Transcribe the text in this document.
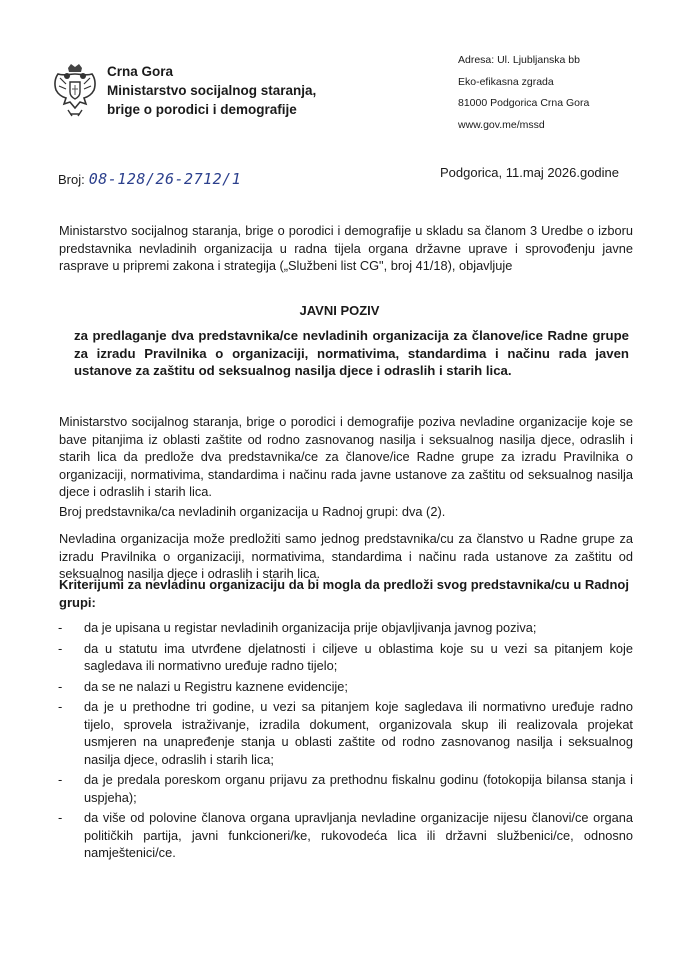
Crna Gora
Ministarstvo socijalnog staranja,
brige o porodici i demografije
Adresa: Ul. Ljubljanska bb
Eko-efikasna zgrada
81000 Podgorica Crna Gora
www.gov.me/mssd
Broj: 08-128/26-2712/1	Podgorica, 11.maj 2026.godine
Ministarstvo socijalnog staranja, brige o porodici i demografije u skladu sa članom 3 Uredbe o izboru predstavnika nevladinih organizacija u radna tijela organa državne uprave i sprovođenju javne rasprave u pripremi zakona i strategija („Službeni list CG", broj 41/18), objavljuje
JAVNI POZIV
za predlaganje dva predstavnika/ce nevladinih organizacija za članove/ice Radne grupe za izradu Pravilnika o organizaciji, normativima, standardima i načinu rada javen ustanove za zaštitu od seksualnog nasilja djece i odraslih i starih lica.
Ministarstvo socijalnog staranja, brige o porodici i demografije poziva nevladine organizacije koje se bave pitanjima iz oblasti zaštite od rodno zasnovanog nasilja i seksualnog nasilja djece, odraslih i starih lica da predlože dva predstavnika/ce za članove/ice Radne grupe za izradu Pravilnika o organizaciji, normativima, standardima i načinu rada javne ustanove za zaštitu od seksualnog nasilja djece i odraslih i starih lica.
Broj predstavnika/ca nevladinih organizacija u Radnoj grupi: dva (2).
Nevladina organizacija može predložiti samo jednog predstavnika/cu za članstvo u Radne grupe za izradu Pravilnika o organizaciji, normativima, standardima i načinu rada ustanove za zaštitu od seksualnog nasilja djece i odraslih i starih lica.
Kriterijumi za nevladinu organizaciju da bi mogla da predloži svog predstavnika/cu u Radnoj grupi:
- da je upisana u registar nevladinih organizacija prije objavljivanja javnog poziva;
- da u statutu ima utvrđene djelatnosti i ciljeve u oblastima koje su u vezi sa pitanjem koje sagledava ili normativno uređuje radno tijelo;
- da se ne nalazi u Registru kaznene evidencije;
- da je u prethodne tri godine, u vezi sa pitanjem koje sagledava ili normativno uređuje radno tijelo, sprovela istraživanje, izradila dokument, organizovala skup ili realizovala projekat usmjeren na unapređenje stanja u oblasti zaštite od rodno zasnovanog nasilja i seksualnog nasilja djece, odraslih i starih lica;
- da je predala poreskom organu prijavu za prethodnu fiskalnu godinu (fotokopija bilansa stanja i uspjeha);
- da više od polovine članova organa upravljanja nevladine organizacije nijesu članovi/ce organa političkih partija, javni funkcioneri/ke, rukovodeća lica ili državni službenici/ce, odnosno namještenici/ce.
